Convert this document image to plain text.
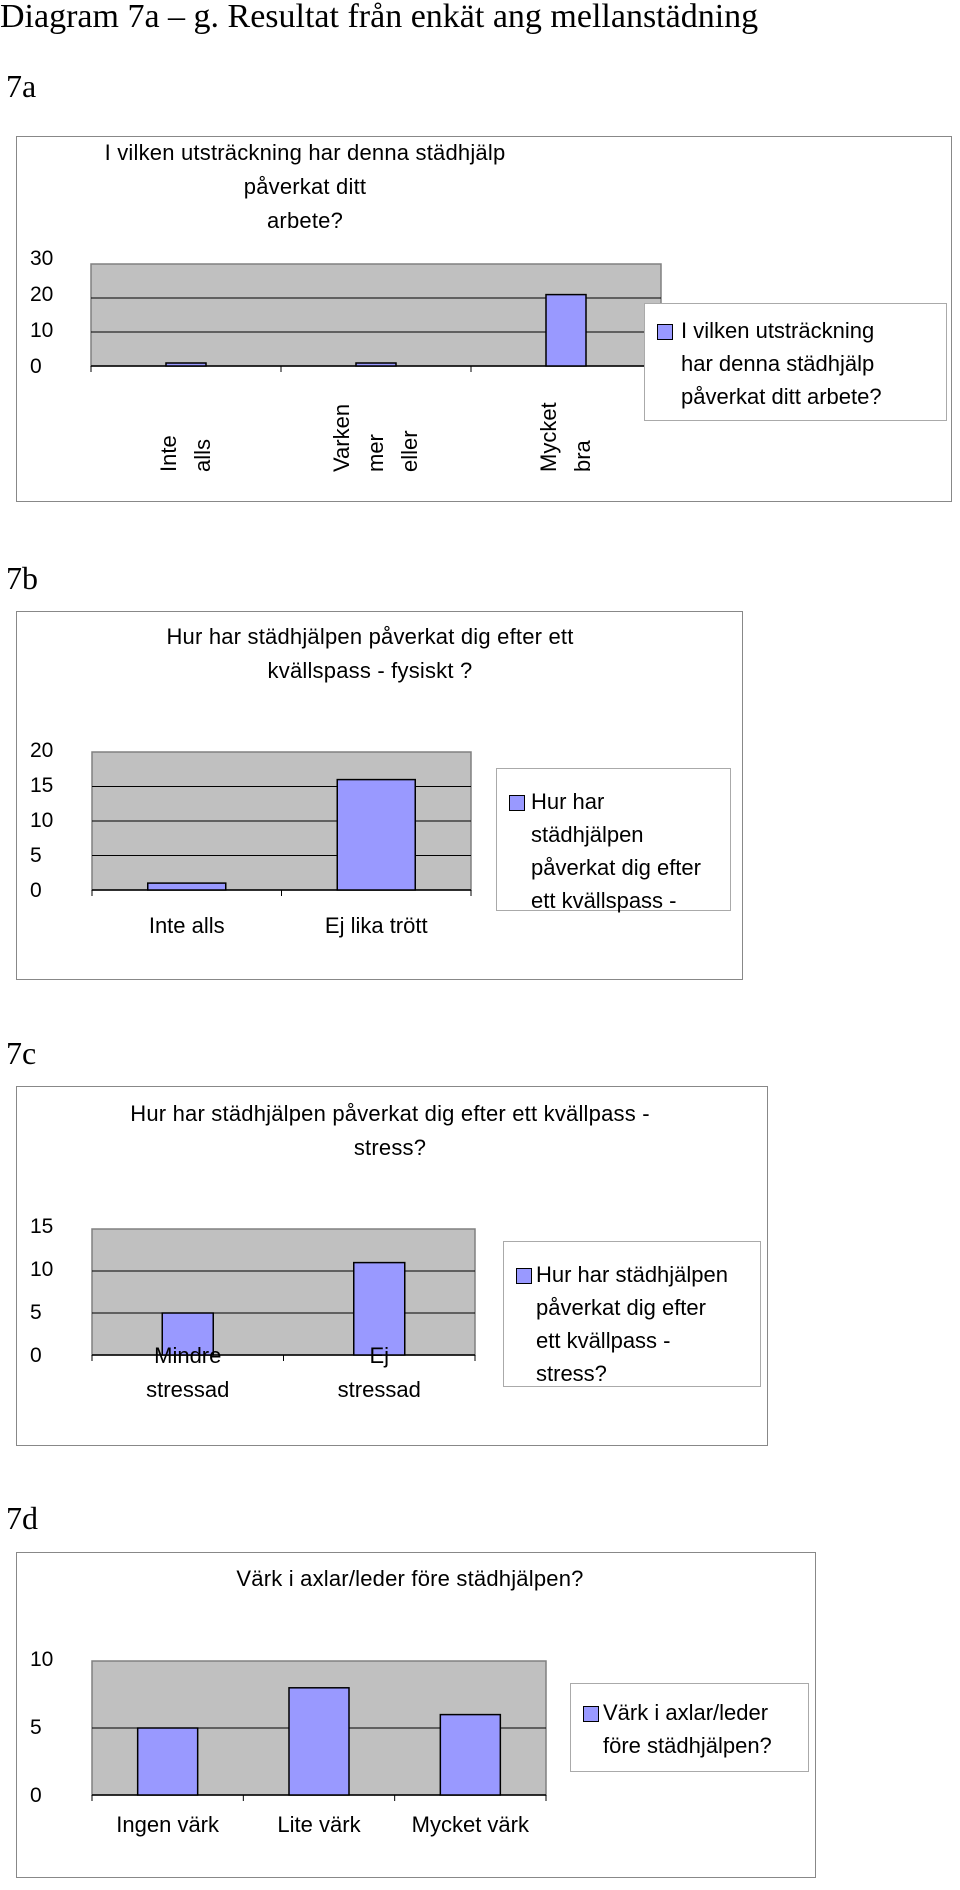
Diagram 7a – g. Resultat från enkät ang mellanstädning
7a
I vilken utsträckning har denna städhjälp påverkat ditt
arbete?
30
20
10
0
Inte alls	Varken mer eller	Mycket bra
I vilken utsträckning
har denna städhjälp
påverkat ditt arbete?
7b
Hur har städhjälpen påverkat dig efter ett
kvällspass - fysiskt ?
20
15
10
5
0
Inte alls	Ej lika trött
Hur har
städhjälpen
påverkat dig efter
ett kvällspass -
7c
Hur har städhjälpen påverkat dig efter ett kvällpass -
stress?
15
10
5
0	Mindre
stressad
Ej
stressad
Hur har städhjälpen
påverkat dig efter
ett kvällpass -
stress?
7d
Värk i axlar/leder före städhjälpen?
10
5
0
Ingen värk	Lite värk	Mycket värk
Värk i axlar/leder
före städhjälpen?
